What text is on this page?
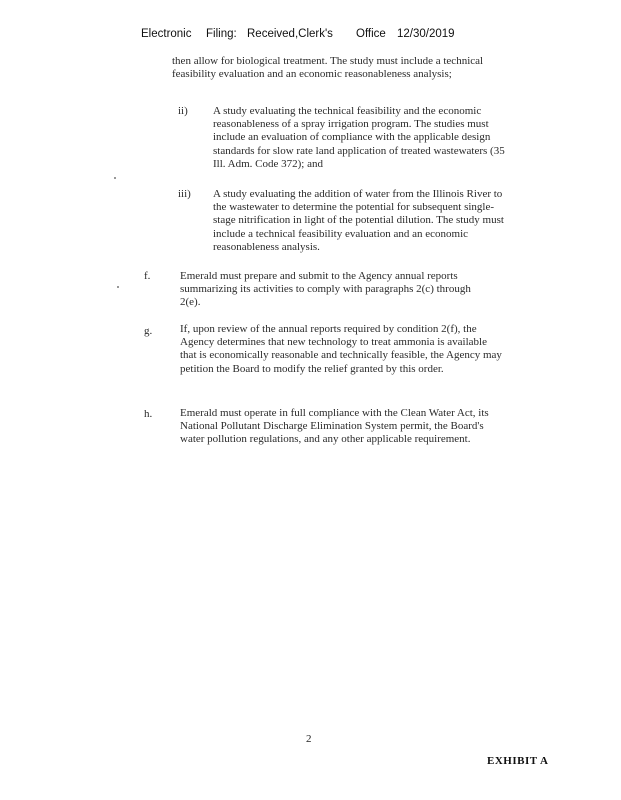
Electronic Filing: Received,Clerk's Office 12/30/2019
then allow for biological treatment. The study must include a technical feasibility evaluation and an economic reasonableness analysis;
ii) A study evaluating the technical feasibility and the economic reasonableness of a spray irrigation program. The studies must include an evaluation of compliance with the applicable design standards for slow rate land application of treated wastewaters (35 Ill. Adm. Code 372); and
iii) A study evaluating the addition of water from the Illinois River to the wastewater to determine the potential for subsequent single-stage nitrification in light of the potential dilution. The study must include a technical feasibility evaluation and an economic reasonableness analysis.
f.	Emerald must prepare and submit to the Agency annual reports summarizing its activities to comply with paragraphs 2(c) through 2(e).
g.	If, upon review of the annual reports required by condition 2(f), the Agency determines that new technology to treat ammonia is available that is economically reasonable and technically feasible, the Agency may petition the Board to modify the relief granted by this order.
h.	Emerald must operate in full compliance with the Clean Water Act, its National Pollutant Discharge Elimination System permit, the Board's water pollution regulations, and any other applicable requirement.
2
EXHIBIT A
